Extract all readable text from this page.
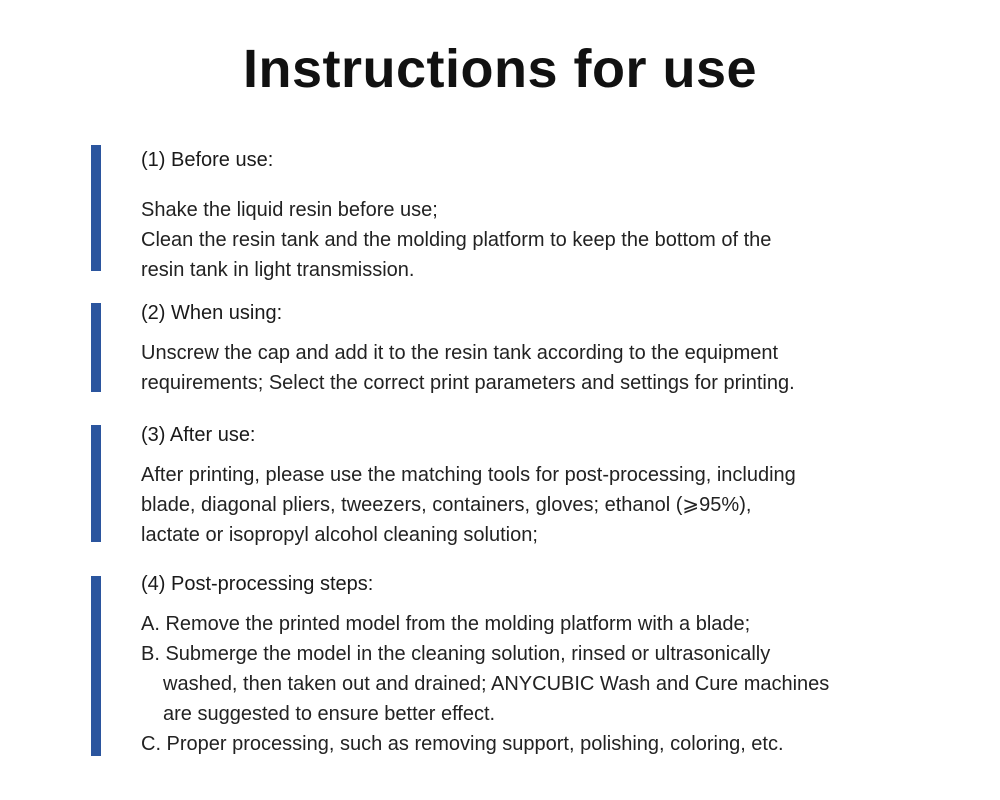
Instructions for use
(1) Before use:
Shake the liquid resin before use;
Clean the resin tank and the molding platform to keep the bottom of the
resin tank in light transmission.
(2) When using:
Unscrew the cap and add it to the resin tank according to the equipment
requirements; Select the correct print parameters and settings for printing.
(3) After use:
After printing, please use the matching tools for post-processing, including
blade, diagonal pliers, tweezers, containers, gloves; ethanol (⩾95%),
lactate or isopropyl alcohol cleaning solution;
(4) Post-processing steps:
A. Remove the printed model from the molding platform with a blade;
B. Submerge the model in the cleaning solution, rinsed or ultrasonically
washed, then taken out and drained; ANYCUBIC Wash and Cure machines
are suggested to ensure better effect.
C. Proper processing, such as removing support, polishing, coloring, etc.
